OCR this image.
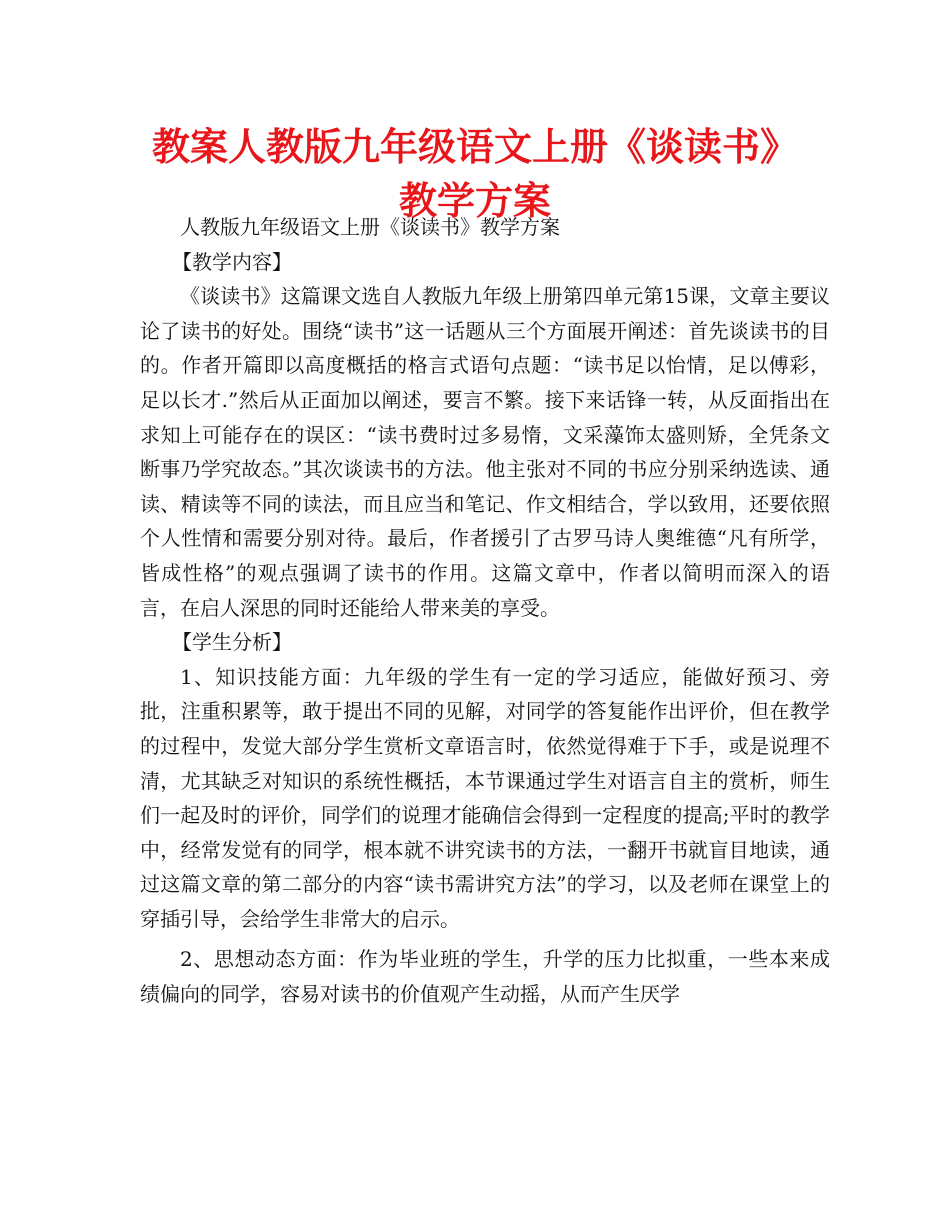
教案人教版九年级语文上册《谈读书》教学方案

人教版九年级语文上册《谈读书》教学方案

【教学内容】

《谈读书》这篇课文选自人教版九年级上册第四单元第15课，文章主要议论了读书的好处。围绕“读书”这一话题从三个方面展开阐述：首先谈读书的目的。作者开篇即以高度概括的格言式语句点题：“读书足以怡情，足以傅彩，足以长才.”然后从正面加以阐述，要言不繁。接下来话锋一转，从反面指出在求知上可能存在的误区：“读书费时过多易惰，文采藻饰太盛则矫，全凭条文断事乃学究故态。”其次谈读书的方法。他主张对不同的书应分别采纳选读、通读、精读等不同的读法，而且应当和笔记、作文相结合，学以致用，还要依照个人性情和需要分别对待。最后，作者援引了古罗马诗人奥维德“凡有所学，皆成性格”的观点强调了读书的作用。这篇文章中，作者以简明而深入的语言，在启人深思的同时还能给人带来美的享受。

【学生分析】

1、知识技能方面：九年级的学生有一定的学习适应，能做好预习、旁批，注重积累等，敢于提出不同的见解，对同学的答复能作出评价，但在教学的过程中，发觉大部分学生赏析文章语言时，依然觉得难于下手，或是说理不清，尤其缺乏对知识的系统性概括，本节课通过学生对语言自主的赏析，师生们一起及时的评价，同学们的说理才能确信会得到一定程度的提高;平时的教学中，经常发觉有的同学，根本就不讲究读书的方法，一翻开书就盲目地读，通过这篇文章的第二部分的内容“读书需讲究方法”的学习，以及老师在课堂上的穿插引导，会给学生非常大的启示。

2、思想动态方面：作为毕业班的学生，升学的压力比拟重，一些本来成绩偏向的同学，容易对读书的价值观产生动摇，从而产生厌学
